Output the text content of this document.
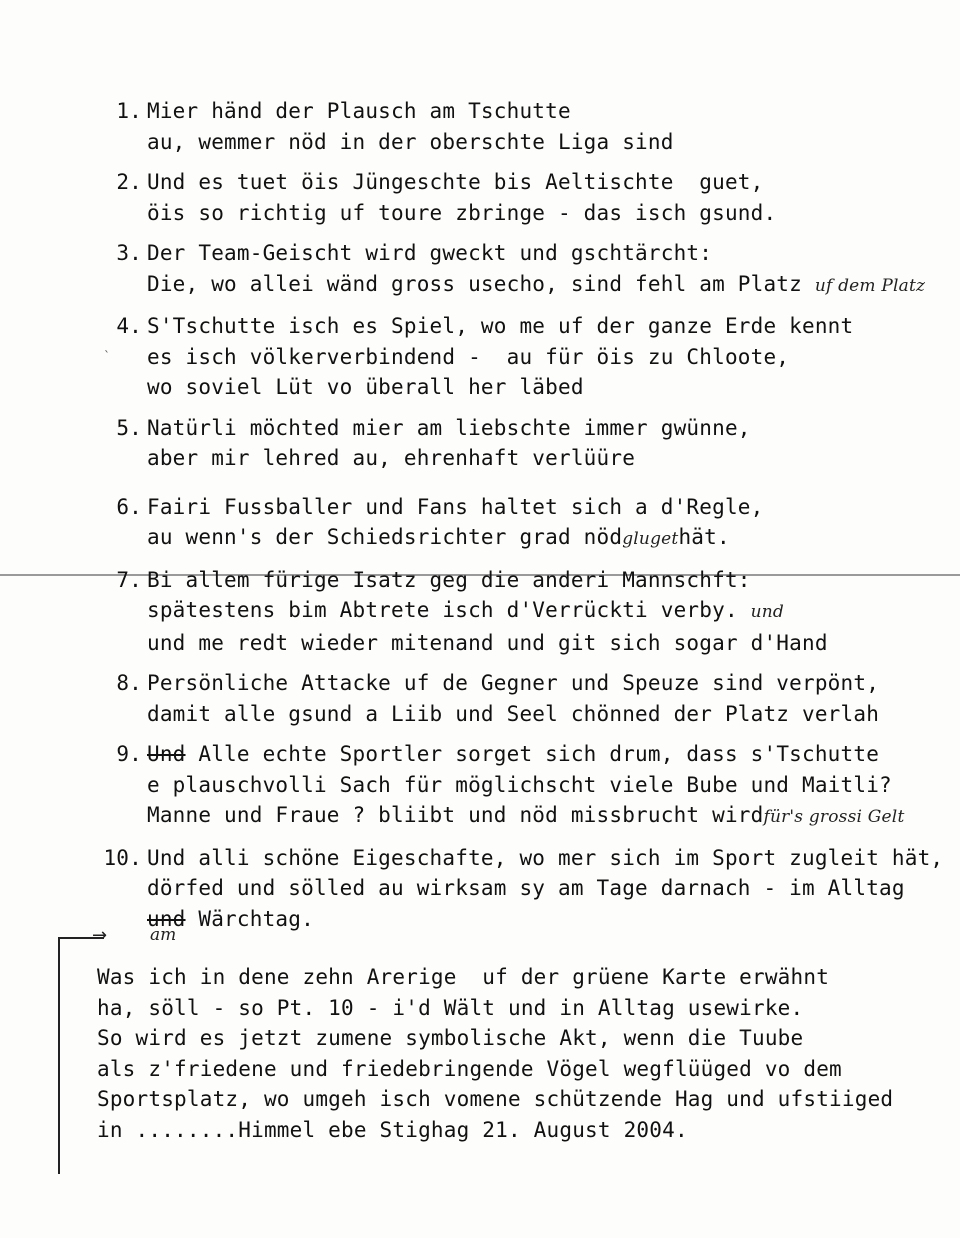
`
1. Mier händ der Plausch am Tschutte
au, wemmer nöd in der oberschte Liga sind
2. Und es tuet öis Jüngeschte bis Aeltischte  guet,
öis so richtig uf toure zbringe - das isch gsund.
3. Der Team-Geischt wird gweckt und gschtärcht:
Die, wo allei wänd gross usecho, sind fehl am Platz uf dem Platz
4. S'Tschutte isch es Spiel, wo me uf der ganze Erde kennt
es isch völkerverbindend -  au für öis zu Chloote,
wo soviel Lüt vo überall her läbed
5. Natürli möchted mier am liebschte immer gwünne,
aber mir lehred au, ehrenhaft verlüüre
6. Fairi Fussballer und Fans haltet sich a d'Regle,
au wenn's der Schiedsrichter grad nödglugethät.
7. Bi allem fürige Isatz geg die anderi Mannschft:
spätestens bim Abtrete isch d'Verrückti verby. und
und me redt wieder mitenand und git sich sogar d'Hand
8. Persönliche Attacke uf de Gegner und Speuze sind verpönt,
damit alle gsund a Liib und Seel chönned der Platz verlah
9. Und Alle echte Sportler sorget sich drum, dass s'Tschutte
e plauschvolli Sach für möglichscht viele Bube und Maitli?
Manne und Fraue ? bliibt und nöd missbrucht wirdfür's grossi Gelt
10. Und alli schöne Eigeschafte, wo mer sich im Sport zugleit hät,
dörfed und sölled au wirksam sy am Tage darnach - im Alltag
und Wärchtag.
am
→
Was ich in dene zehn Arerige  uf der grüene Karte erwähnt
ha, söll - so Pt. 10 - i'd Wält und in Alltag usewirke.
So wird es jetzt zumene symbolische Akt, wenn die Tuube
als z'friedene und friedebringende Vögel wegflüüged vo dem
Sportsplatz, wo umgeh isch vomene schützende Hag und ufstiiged
in ........Himmel ebe Stighag 21. August 2004.
